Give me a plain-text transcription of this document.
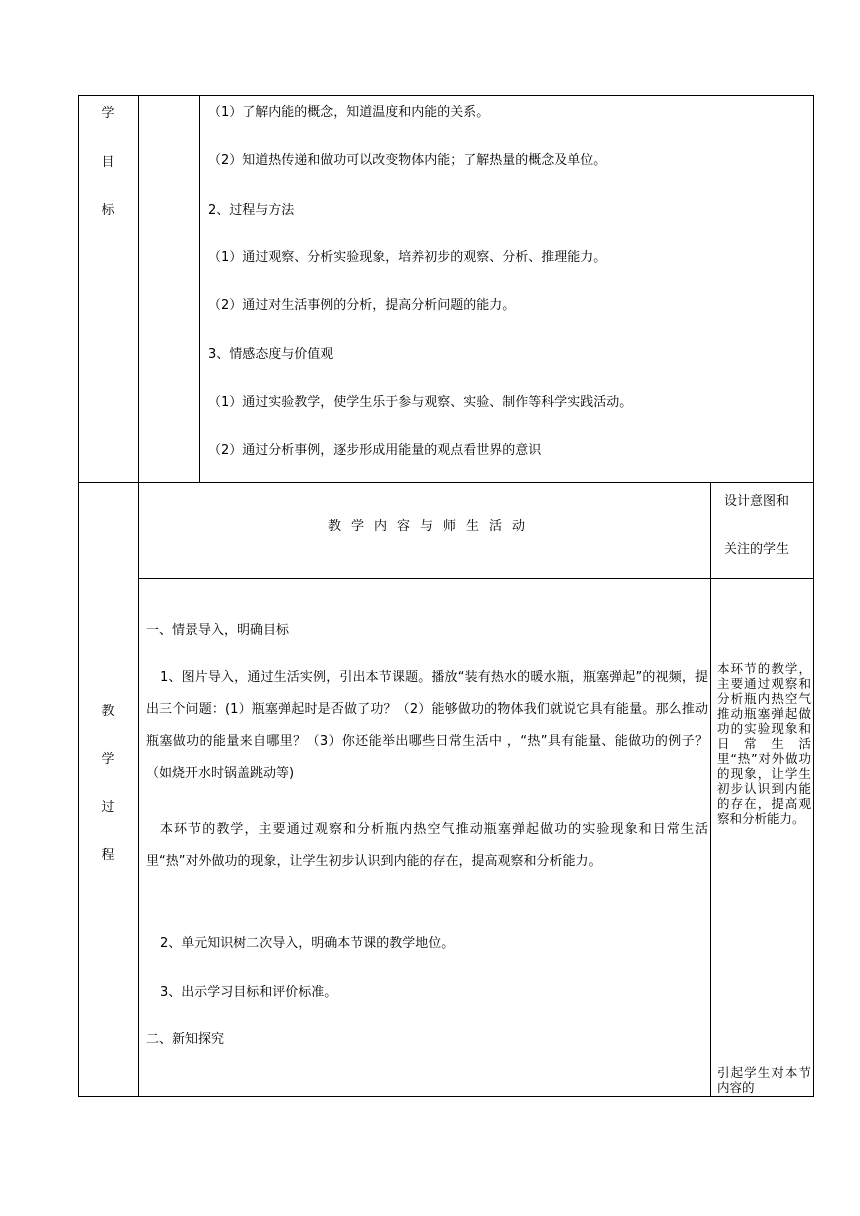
学
目
标
（1）了解内能的概念，知道温度和内能的关系。
（2）知道热传递和做功可以改变物体内能；了解热量的概念及单位。
2、过程与方法
（1）通过观察、分析实验现象，培养初步的观察、分析、推理能力。
（2）通过对生活事例的分析，提高分析问题的能力。
3、情感态度与价值观
（1）通过实验教学，使学生乐于参与观察、实验、制作等科学实践活动。
（2）通过分析事例，逐步形成用能量的观点看世界的意识
教
学
过
程
教学内容与师生活动
设计意图和
关注的学生
一、情景导入，明确目标
1、图片导入，通过生活实例，引出本节课题。播放“装有热水的暖水瓶，瓶塞弹起”的视频，提出三个问题：(1）瓶塞弹起时是否做了功？（2）能够做功的物体我们就说它具有能量。那么推动瓶塞做功的能量来自哪里？（3）你还能举出哪些日常生活中 ，“热”具有能量、能做功的例子？（如烧开水时锅盖跳动等)
本环节的教学，主要通过观察和分析瓶内热空气推动瓶塞弹起做功的实验现象和日常生活里“热”对外做功的现象，让学生初步认识到内能的存在，提高观察和分析能力。
2、单元知识树二次导入，明确本节课的教学地位。
3、出示学习目标和评价标准。
二、新知探究
本环节的教学，主要通过观察和分析瓶内热空气推动瓶塞弹起做功的实验现象和日常生活里“热”对外做功的现象，让学生初步认识到内能的存在，提高观察和分析能力。
引起学生对本节内容的
